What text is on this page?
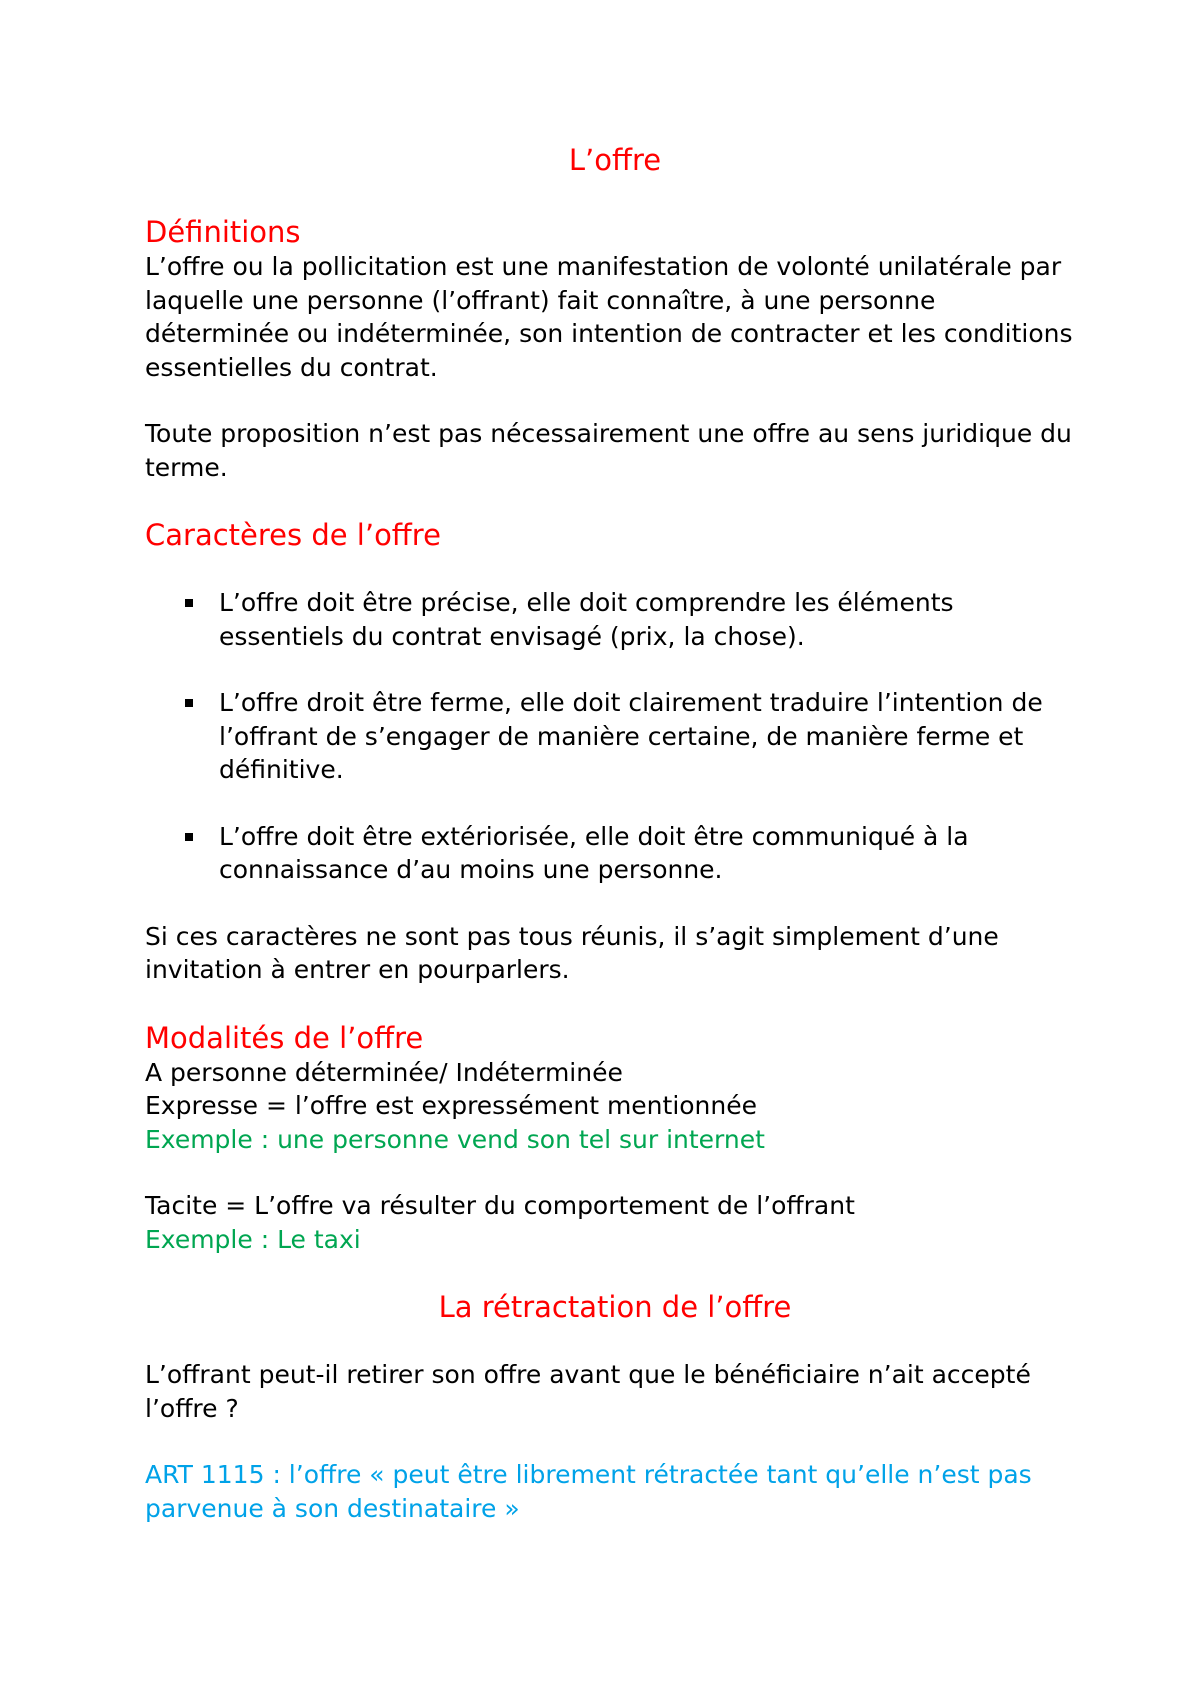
L’offre
Définitions

L’offre ou la pollicitation est une manifestation de volonté unilatérale par laquelle une personne (l’offrant) fait connaître, à une personne déterminée ou indéterminée, son intention de contracter et les conditions essentielles du contrat.

Toute proposition n’est pas nécessairement une offre au sens juridique du terme.

Caractères de l’offre
L’offre doit être précise, elle doit comprendre les éléments essentiels du contrat envisagé (prix, la chose).
L’offre droit être ferme, elle doit clairement traduire l’intention de l’offrant de s’engager de manière certaine, de manière ferme et définitive.
L’offre doit être extériorisée, elle doit être communiqué à la connaissance d’au moins une personne.

Si ces caractères ne sont pas tous réunis, il s’agit simplement d’une invitation à entrer en pourparlers.

Modalités de l’offre

A personne déterminée/ Indéterminée

Expresse = l’offre est expressément mentionnée

Exemple : une personne vend son tel sur internet

Tacite = L’offre va résulter du comportement de l’offrant

Exemple : Le taxi

La rétractation de l’offre

L’offrant peut-il retirer son offre avant que le bénéficiaire n’ait accepté l’offre ?

ART 1115 : l’offre « peut être librement rétractée tant qu’elle n’est pas parvenue à son destinataire »
